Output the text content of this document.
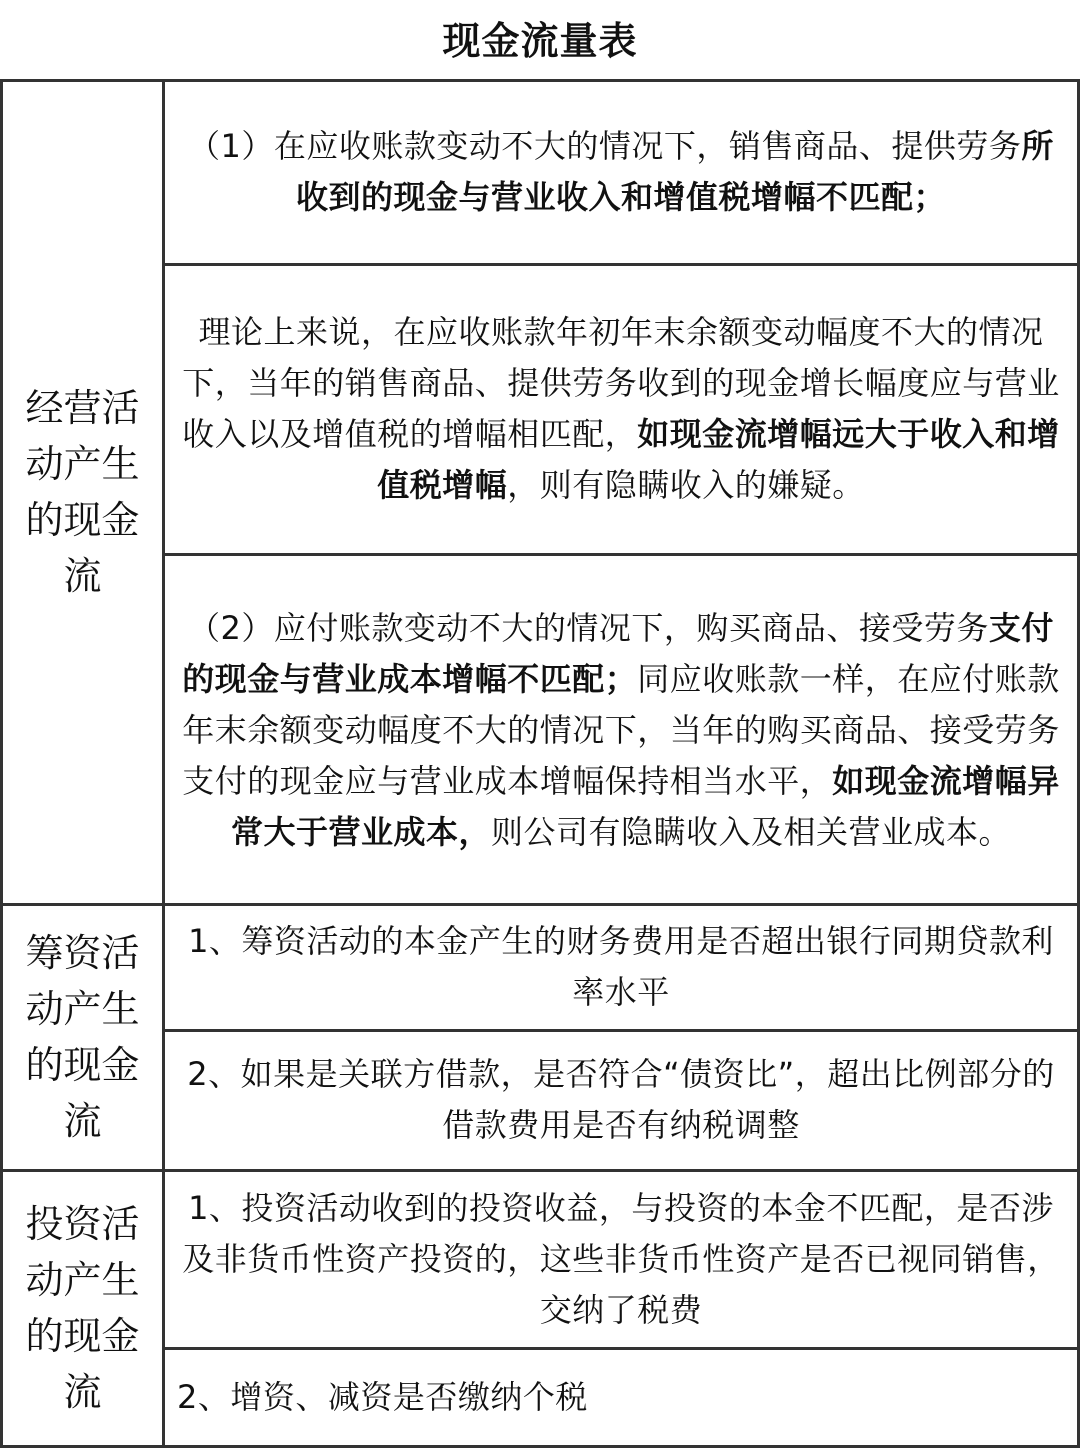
现金流量表
经营活动产生的现金流	（1）在应收账款变动不大的情况下，销售商品、提供劳务所收到的现金与营业收入和增值税增幅不匹配；
	理论上来说，在应收账款年初年末余额变动幅度不大的情况下，当年的销售商品、提供劳务收到的现金增长幅度应与营业收入以及增值税的增幅相匹配，如现金流增幅远大于收入和增值税增幅，则有隐瞒收入的嫌疑。
	（2）应付账款变动不大的情况下，购买商品、接受劳务支付的现金与营业成本增幅不匹配；同应收账款一样，在应付账款年末余额变动幅度不大的情况下，当年的购买商品、接受劳务支付的现金应与营业成本增幅保持相当水平，如现金流增幅异常大于营业成本，则公司有隐瞒收入及相关营业成本。
筹资活动产生的现金流	1、筹资活动的本金产生的财务费用是否超出银行同期贷款利率水平
	2、如果是关联方借款，是否符合“债资比”，超出比例部分的借款费用是否有纳税调整
投资活动产生的现金流	1、投资活动收到的投资收益，与投资的本金不匹配，是否涉及非货币性资产投资的，这些非货币性资产是否已视同销售，交纳了税费
	2、增资、减资是否缴纳个税
